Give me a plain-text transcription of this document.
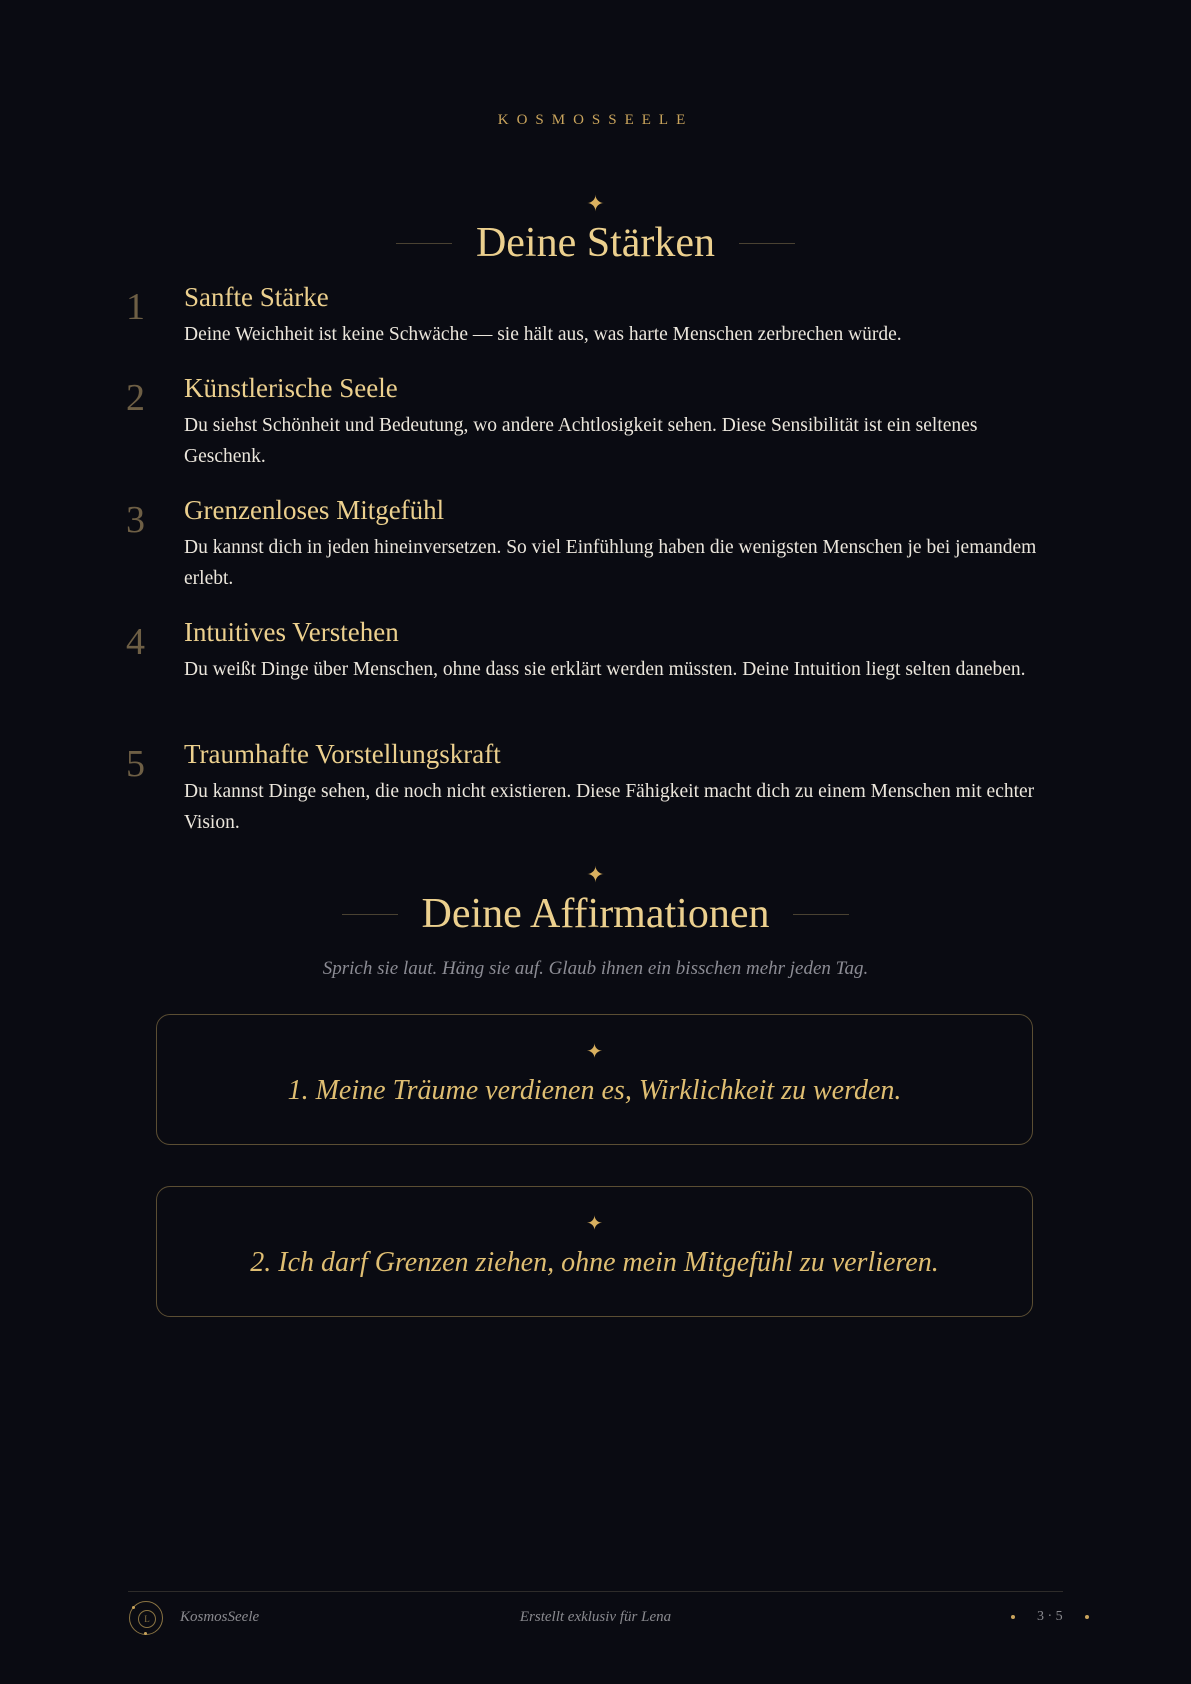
KOSMOSSEELE
✦
Deine Stärken
1	Sanfte Stärke
Deine Weichheit ist keine Schwäche — sie hält aus, was harte Menschen zerbrechen würde.
2	Künstlerische Seele
Du siehst Schönheit und Bedeutung, wo andere Achtlosigkeit sehen. Diese Sensibilität ist ein seltenes Geschenk.
3	Grenzenloses Mitgefühl
Du kannst dich in jeden hineinversetzen. So viel Einfühlung haben die wenigsten Menschen je bei jemandem erlebt.
4	Intuitives Verstehen
Du weißt Dinge über Menschen, ohne dass sie erklärt werden müssten. Deine Intuition liegt selten daneben.
5	Traumhafte Vorstellungskraft
Du kannst Dinge sehen, die noch nicht existieren. Diese Fähigkeit macht dich zu einem Menschen mit echter Vision.
✦
Deine Affirmationen
Sprich sie laut. Häng sie auf. Glaub ihnen ein bisschen mehr jeden Tag.
✦
1. Meine Träume verdienen es, Wirklichkeit zu werden.
✦
2. Ich darf Grenzen ziehen, ohne mein Mitgefühl zu verlieren.
L	KosmosSeele	Erstellt exklusiv für Lena	3 · 5
